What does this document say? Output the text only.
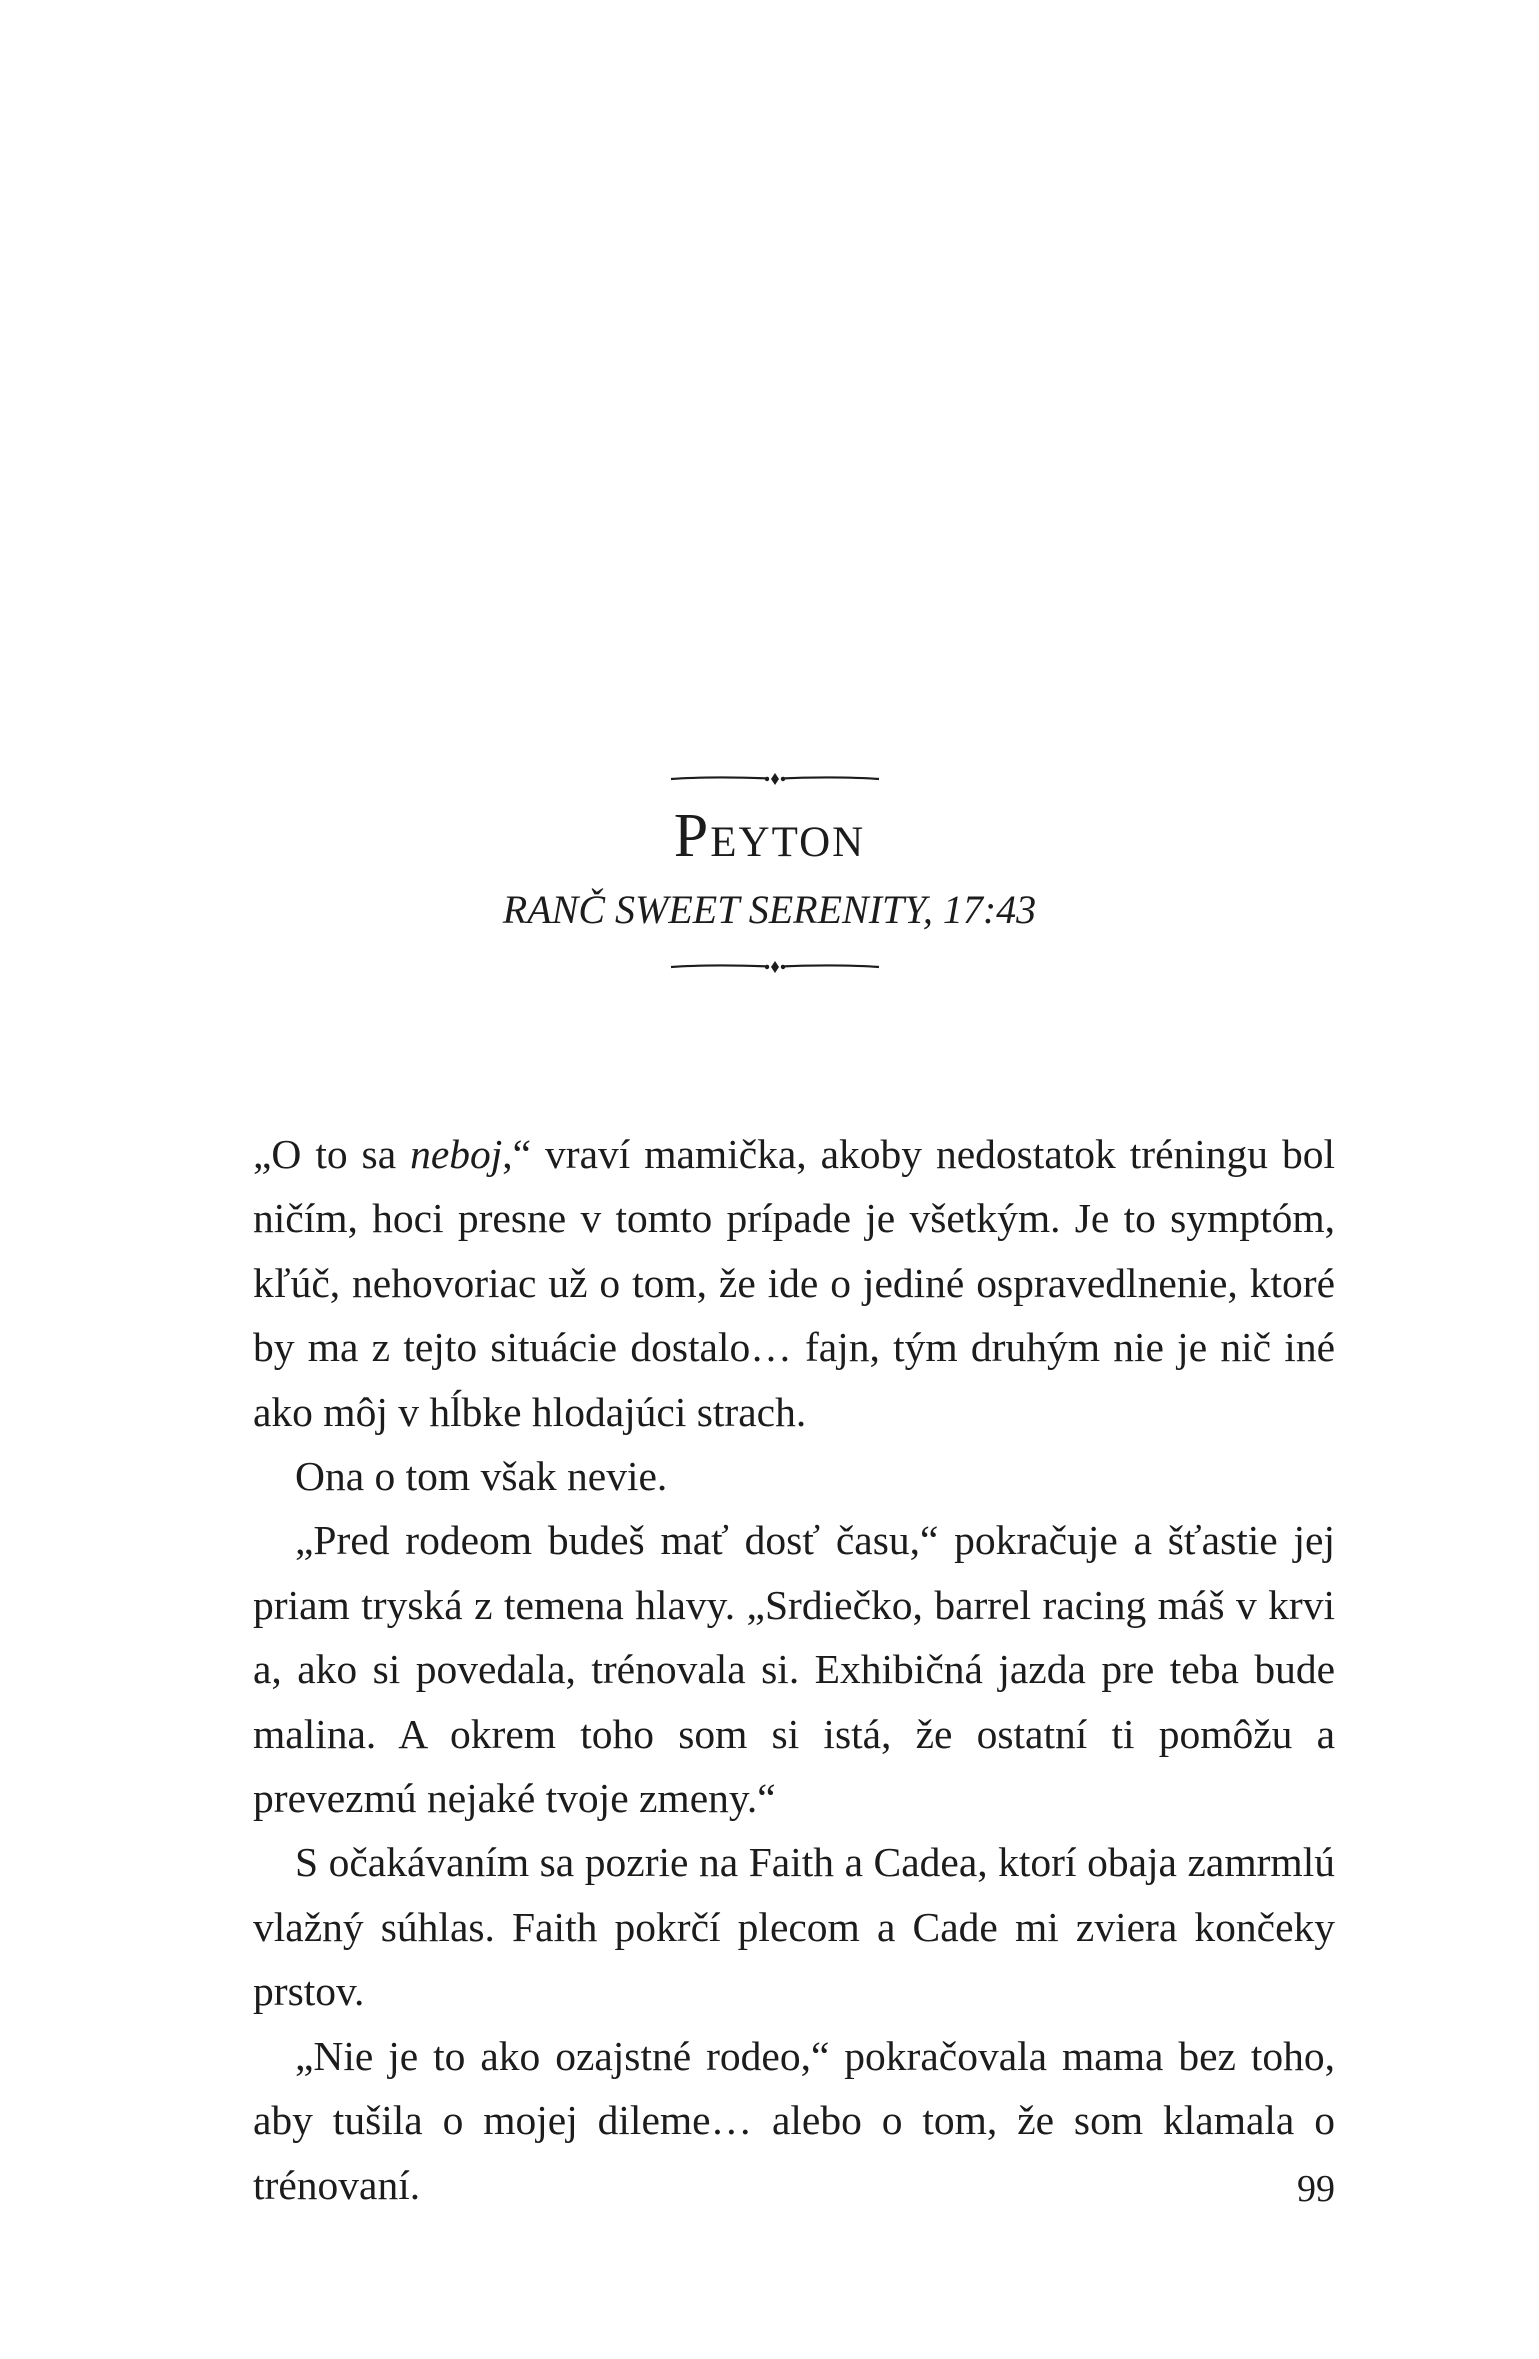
Peyton
RANČ SWEET SERENITY, 17:43

„O to sa neboj,“ vraví mamička, akoby nedostatok tréningu bol ničím, hoci presne v tomto prípade je všetkým. Je to symptóm, kľúč, nehovoriac už o tom, že ide o jediné ospravedlnenie, ktoré by ma z tejto situácie dostalo… fajn, tým druhým nie je nič iné ako môj v hĺbke hlodajúci strach.

Ona o tom však nevie.

„Pred rodeom budeš mať dosť času,“ pokračuje a šťastie jej priam tryská z temena hlavy. „Srdiečko, barrel racing máš v krvi a, ako si povedala, trénovala si. Exhibičná jazda pre teba bude malina. A okrem toho som si istá, že ostatní ti pomôžu a prevezmú nejaké tvoje zmeny.“

S očakávaním sa pozrie na Faith a Cadea, ktorí obaja zamrmlú vlažný súhlas. Faith pokrčí plecom a Cade mi zviera končeky prstov.

„Nie je to ako ozajstné rodeo,“ pokračovala mama bez toho, aby tušila o mojej dileme… alebo o tom, že som klamala o trénovaní.	99
